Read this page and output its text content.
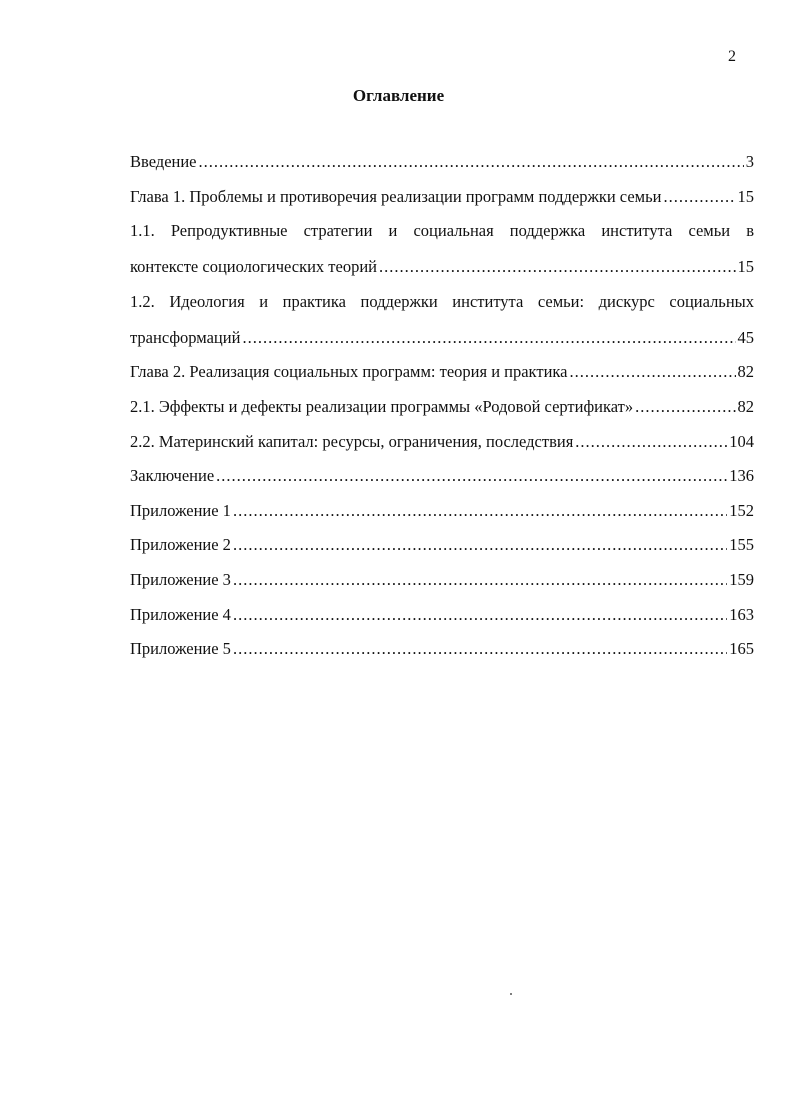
2
Оглавление
Введение .....	3
Глава 1. Проблемы и противоречия реализации программ поддержки семьи .....	15
1.1. Репродуктивные стратегии и социальная поддержка института семьи в
контексте социологических теорий .....	15
1.2. Идеология и практика поддержки института семьи: дискурс социальных
трансформаций .....	45
Глава 2. Реализация социальных программ: теория и практика .....	82
2.1. Эффекты и дефекты реализации программы «Родовой сертификат» .....	82
2.2. Материнский капитал: ресурсы, ограничения, последствия .....	104
Заключение .....	136
Приложение 1 .....	152
Приложение 2 .....	155
Приложение 3 .....	159
Приложение 4 .....	163
Приложение 5 .....	165
